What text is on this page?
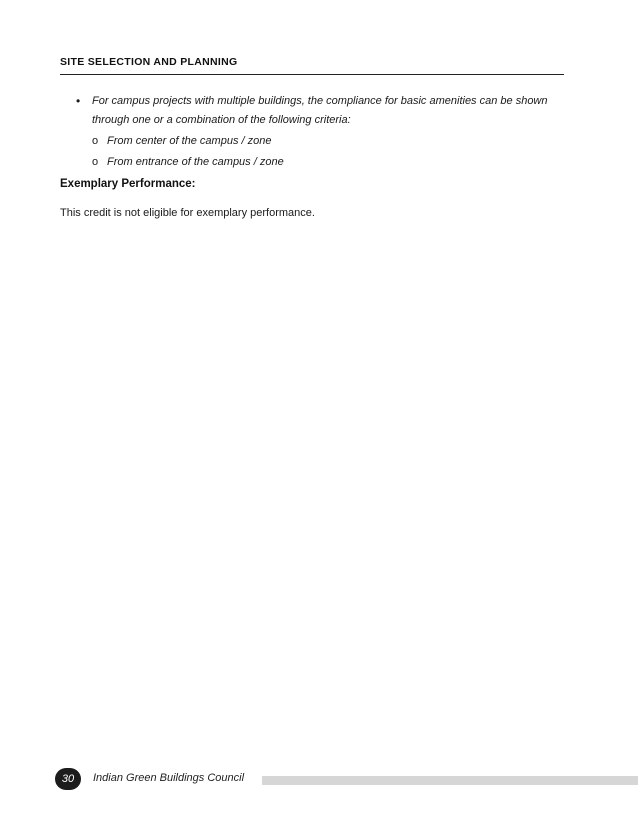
SITE SELECTION AND PLANNING
•	For campus projects with multiple buildings, the compliance for basic amenities can be shown through one or a combination of the following criteria:
o From center of the campus / zone
o From entrance of the campus / zone
Exemplary Performance:
This credit is not eligible for exemplary performance.
30	Indian Green Buildings Council
